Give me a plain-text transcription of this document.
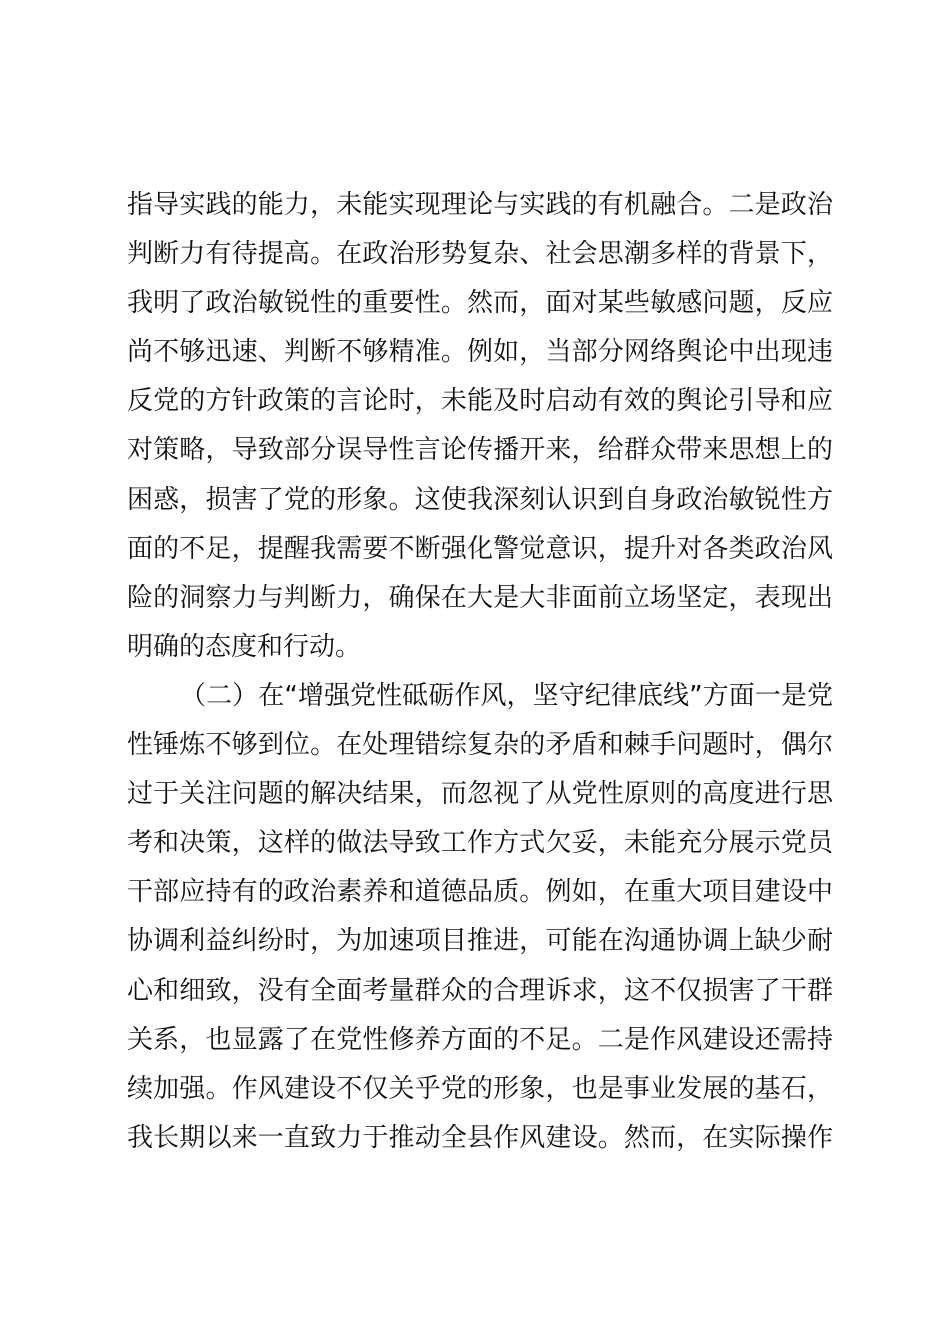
指导实践的能力，未能实现理论与实践的有机融合。二是政治
判断力有待提高。在政治形势复杂、社会思潮多样的背景下，
我明了政治敏锐性的重要性。然而，面对某些敏感问题，反应
尚不够迅速、判断不够精准。例如，当部分网络舆论中出现违
反党的方针政策的言论时，未能及时启动有效的舆论引导和应
对策略，导致部分误导性言论传播开来，给群众带来思想上的
困惑，损害了党的形象。这使我深刻认识到自身政治敏锐性方
面的不足，提醒我需要不断强化警觉意识，提升对各类政治风
险的洞察力与判断力，确保在大是大非面前立场坚定，表现出
明确的态度和行动。
（二）在“增强党性砥砺作风，坚守纪律底线”方面一是党
性锤炼不够到位。在处理错综复杂的矛盾和棘手问题时，偶尔
过于关注问题的解决结果，而忽视了从党性原则的高度进行思
考和决策，这样的做法导致工作方式欠妥，未能充分展示党员
干部应持有的政治素养和道德品质。例如，在重大项目建设中
协调利益纠纷时，为加速项目推进，可能在沟通协调上缺少耐
心和细致，没有全面考量群众的合理诉求，这不仅损害了干群
关系，也显露了在党性修养方面的不足。二是作风建设还需持
续加强。作风建设不仅关乎党的形象，也是事业发展的基石，
我长期以来一直致力于推动全县作风建设。然而，在实际操作
